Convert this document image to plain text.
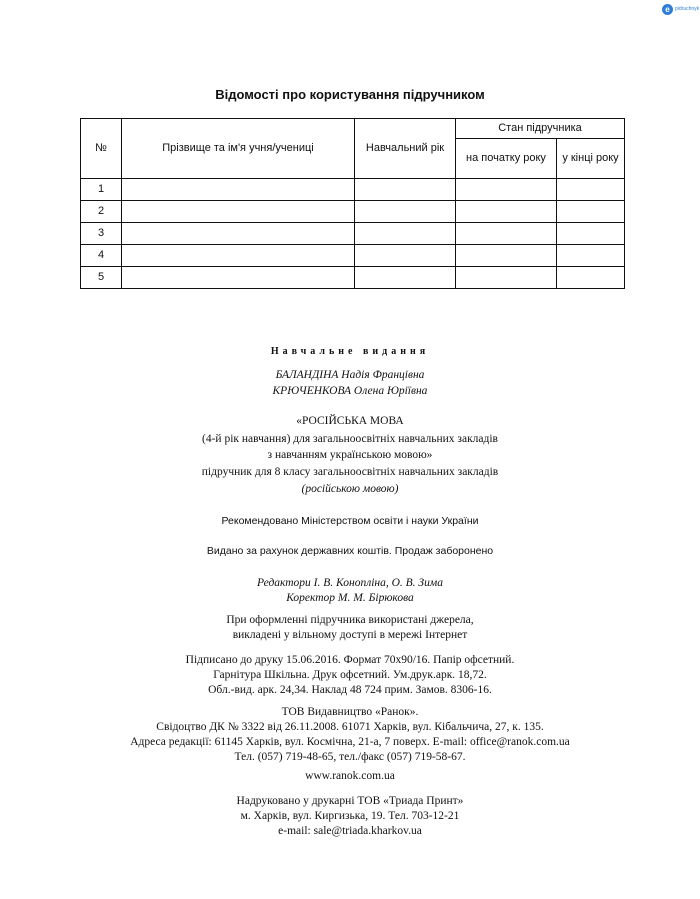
e	pidruchnyk
Відомості про користування підручником
№	Прізвище та ім'я учня/учениці	Навчальний рік	Стан підручника	
			на початку року	у кінці року
1				
2				
3				
4				
5				
Навчальне видання
БАЛАНДІНА Надія Францівна
КРЮЧЕНКОВА Олена Юріївна
«РОСІЙСЬКА МОВА
(4-й рік навчання) для загальноосвітніх навчальних закладів
з навчанням українською мовою»
підручник для 8 класу загальноосвітніх навчальних закладів
(російською мовою)
Рекомендовано Міністерством освіти і науки України
Видано за рахунок державних коштів. Продаж заборонено
Редактори І. В. Конопліна, О. В. Зима
Коректор М. М. Бірюкова
При оформленні підручника використані джерела,
викладені у вільному доступі в мережі Інтернет
Підписано до друку 15.06.2016. Формат 70x90/16. Папір офсетний.
Гарнітура Шкільна. Друк офсетний. Ум.друк.арк. 18,72.
Обл.-вид. арк. 24,34. Наклад 48 724 прим. Замов. 8306-16.
ТОВ Видавництво «Ранок».
Свідоцтво ДК № 3322 від 26.11.2008. 61071 Харків, вул. Кібальчича, 27, к. 135.
Адреса редакції: 61145 Харків, вул. Космічна, 21-а, 7 поверх. E-mail: office@ranok.com.ua
Тел. (057) 719-48-65, тел./факс (057) 719-58-67.
www.ranok.com.ua
Надруковано у друкарні ТОВ «Триада Принт»
м. Харків, вул. Киргизька, 19. Тел. 703-12-21
e-mail: sale@triada.kharkov.ua
